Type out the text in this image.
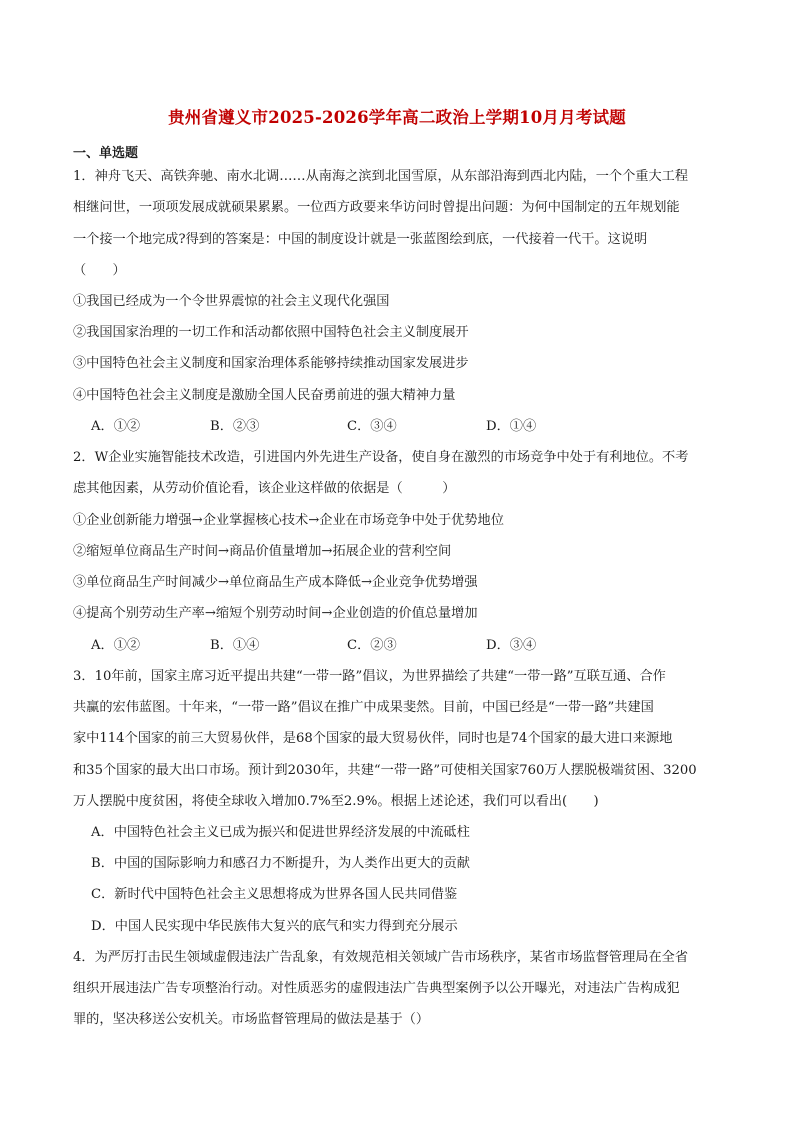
贵州省遵义市2025-2026学年高二政治上学期10月月考试题
一、单选题
1．神舟飞天、高铁奔驰、南水北调……从南海之滨到北国雪原，从东部沿海到西北内陆，一个个重大工程
相继问世，一项项发展成就硕果累累。一位西方政要来华访问时曾提出问题：为何中国制定的五年规划能
一个接一个地完成?得到的答案是：中国的制度设计就是一张蓝图绘到底，一代接着一代干。这说明
（　　）
①我国已经成为一个令世界震惊的社会主义现代化强国
②我国国家治理的一切工作和活动都依照中国特色社会主义制度展开
③中国特色社会主义制度和国家治理体系能够持续推动国家发展进步
④中国特色社会主义制度是激励全国人民奋勇前进的强大精神力量
A．①②	B．②③	C．③④	D．①④
2．W企业实施智能技术改造，引进国内外先进生产设备，使自身在激烈的市场竞争中处于有利地位。不考
虑其他因素，从劳动价值论看，该企业这样做的依据是（　　　）
①企业创新能力增强→企业掌握核心技术→企业在市场竞争中处于优势地位
②缩短单位商品生产时间→商品价值量增加→拓展企业的营利空间
③单位商品生产时间减少→单位商品生产成本降低→企业竞争优势增强
④提高个别劳动生产率→缩短个别劳动时间→企业创造的价值总量增加
A．①②	B．①④	C．②③	D．③④
3．10年前，国家主席习近平提出共建“一带一路”倡议，为世界描绘了共建“一带一路”互联互通、合作
共赢的宏伟蓝图。十年来，“一带一路”倡议在推广中成果斐然。目前，中国已经是“一带一路”共建国
家中114个国家的前三大贸易伙伴，是68个国家的最大贸易伙伴，同时也是74个国家的最大进口来源地
和35个国家的最大出口市场。预计到2030年，共建“一带一路”可使相关国家760万人摆脱极端贫困、3200
万人摆脱中度贫困，将使全球收入增加0.7%至2.9%。根据上述论述，我们可以看出(　　)
A．中国特色社会主义已成为振兴和促进世界经济发展的中流砥柱
B．中国的国际影响力和感召力不断提升，为人类作出更大的贡献
C．新时代中国特色社会主义思想将成为世界各国人民共同借鉴
D．中国人民实现中华民族伟大复兴的底气和实力得到充分展示
4．为严厉打击民生领域虚假违法广告乱象，有效规范相关领域广告市场秩序，某省市场监督管理局在全省
组织开展违法广告专项整治行动。对性质恶劣的虚假违法广告典型案例予以公开曝光，对违法广告构成犯
罪的，坚决移送公安机关。市场监督管理局的做法是基于（）
